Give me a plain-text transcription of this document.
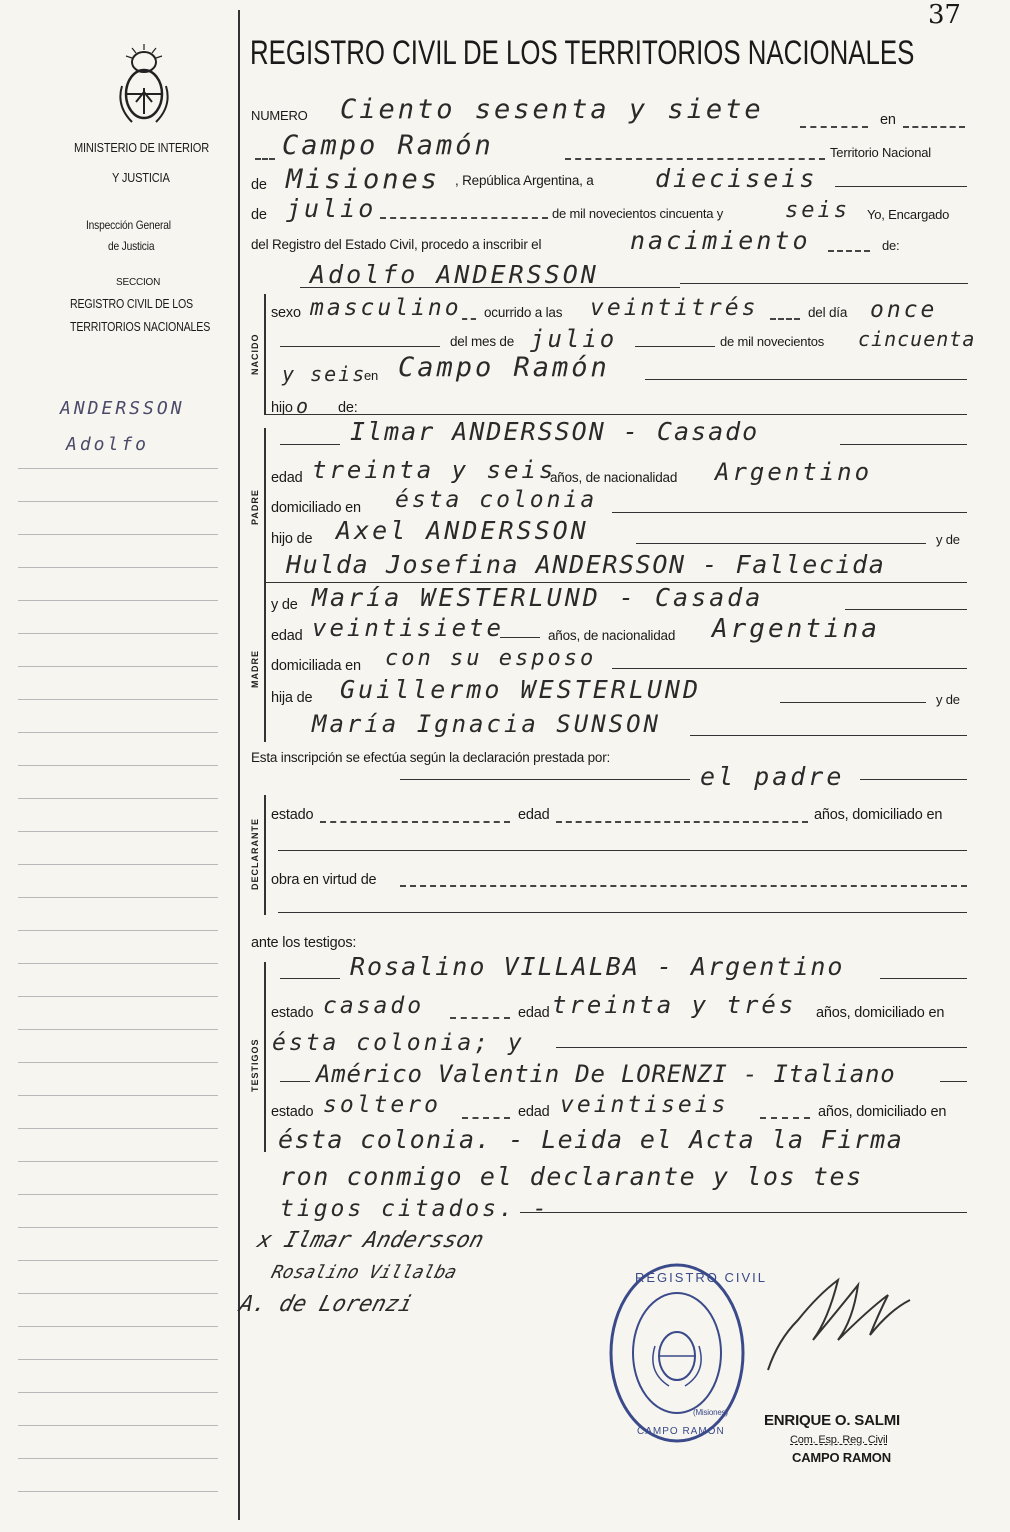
MINISTERIO DE INTERIOR
Y JUSTICIA
Inspección General
de Justicia
SECCION
REGISTRO CIVIL DE LOS
TERRITORIOS NACIONALES
ANDERSSON
Adolfo
37
REGISTRO CIVIL DE LOS TERRITORIOS NACIONALES
NUMERO Ciento sesenta y siete	en
Campo Ramón	Territorio Nacional
de Misiones , República Argentina, a dieciseis
de julio	de mil novecientos cincuenta y	seis Yo, Encargado
del Registro del Estado Civil, procedo a inscribir el	nacimiento	de:
Adolfo ANDERSSON
NACIDO
sexo masculino ocurrido a las veintitrés	del día once
del mes de julio	de mil novecientos cincuenta
y seis
en Campo Ramón
hijo o de:
PADRE
Ilmar ANDERSSON - Casado
edad treinta y seis
años, de nacionalidad Argentino
domiciliado en ésta colonia
hijo de Axel ANDERSSON	y de
Hulda Josefina ANDERSSON - Fallecida
MADRE
y de María WESTERLUND - Casada
edad veintisiete	años, de nacionalidad Argentina
domiciliada en con su esposo
hija de Guillermo WESTERLUND	y de
María Ignacia SUNSON
Esta inscripción se efectúa según la declaración prestada por:
el padre
DECLARANTE
estado	edad	años, domiciliado en
obra en virtud de
ante los testigos:
TESTIGOS
Rosalino VILLALBA - Argentino
estado casado	edad treinta y trés años, domiciliado en
ésta colonia; y
Américo Valentin De LORENZI - Italiano
estado soltero	edad veintiseis	años, domiciliado en
ésta colonia. - Leida el Acta la Firma
ron conmigo el declarante y los tes
tigos citados. -
x Ilmar Andersson
Rosalino Villalba
A. de Lorenzi
REGISTRO CIVIL
CAMPO RAMON
(Misiones) ENRIQUE O. SALMI
Com. Esp. Reg. Civil
CAMPO RAMON
